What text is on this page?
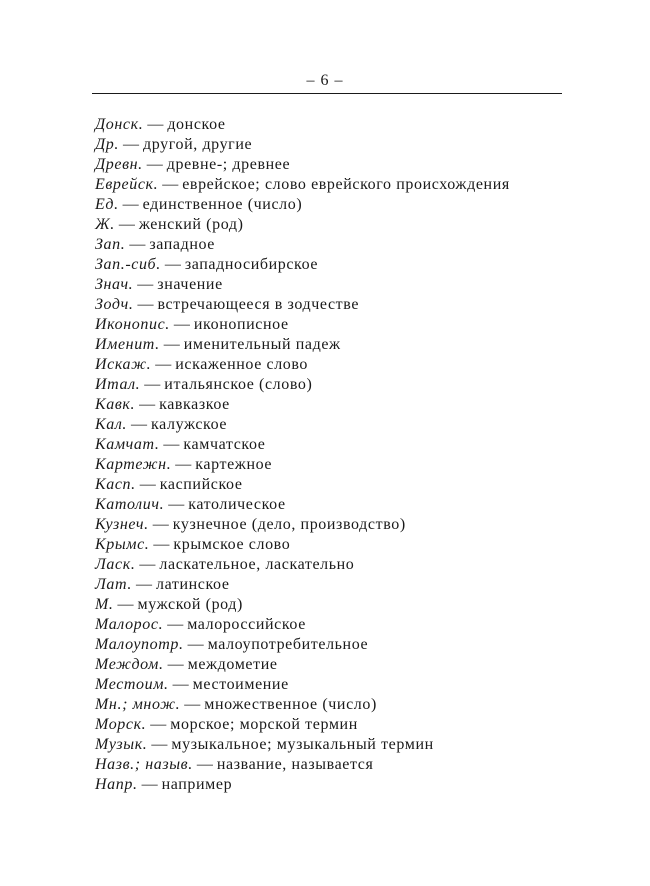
– 6 –
Донск. — донское
Др. — другой, другие
Древн. — древне-; древнее
Еврейск. — еврейское; слово еврейского происхождения
Ед. — единственное (число)
Ж. — женский (род)
Зап. — западное
Зап.-сиб. — западносибирское
Знач. — значение
Зодч. — встречающееся в зодчестве
Иконопис. — иконописное
Именит. — именительный падеж
Искаж. — искаженное слово
Итал. — итальянское (слово)
Кавк. — кавказкое
Кал. — калужское
Камчат. — камчатское
Картежн. — картежное
Касп. — каспийское
Католич. — католическое
Кузнеч. — кузнечное (дело, производство)
Крымс. — крымское слово
Ласк. — ласкательное, ласкательно
Лат. — латинское
М. — мужской (род)
Малорос. — малороссийское
Малоупотр. — малоупотребительное
Междом. — междометие
Местоим. — местоимение
Мн.; множ. — множественное (число)
Морск. — морское; морской термин
Музык. — музыкальное; музыкальный термин
Назв.; назыв. — название, называется
Напр. — например
